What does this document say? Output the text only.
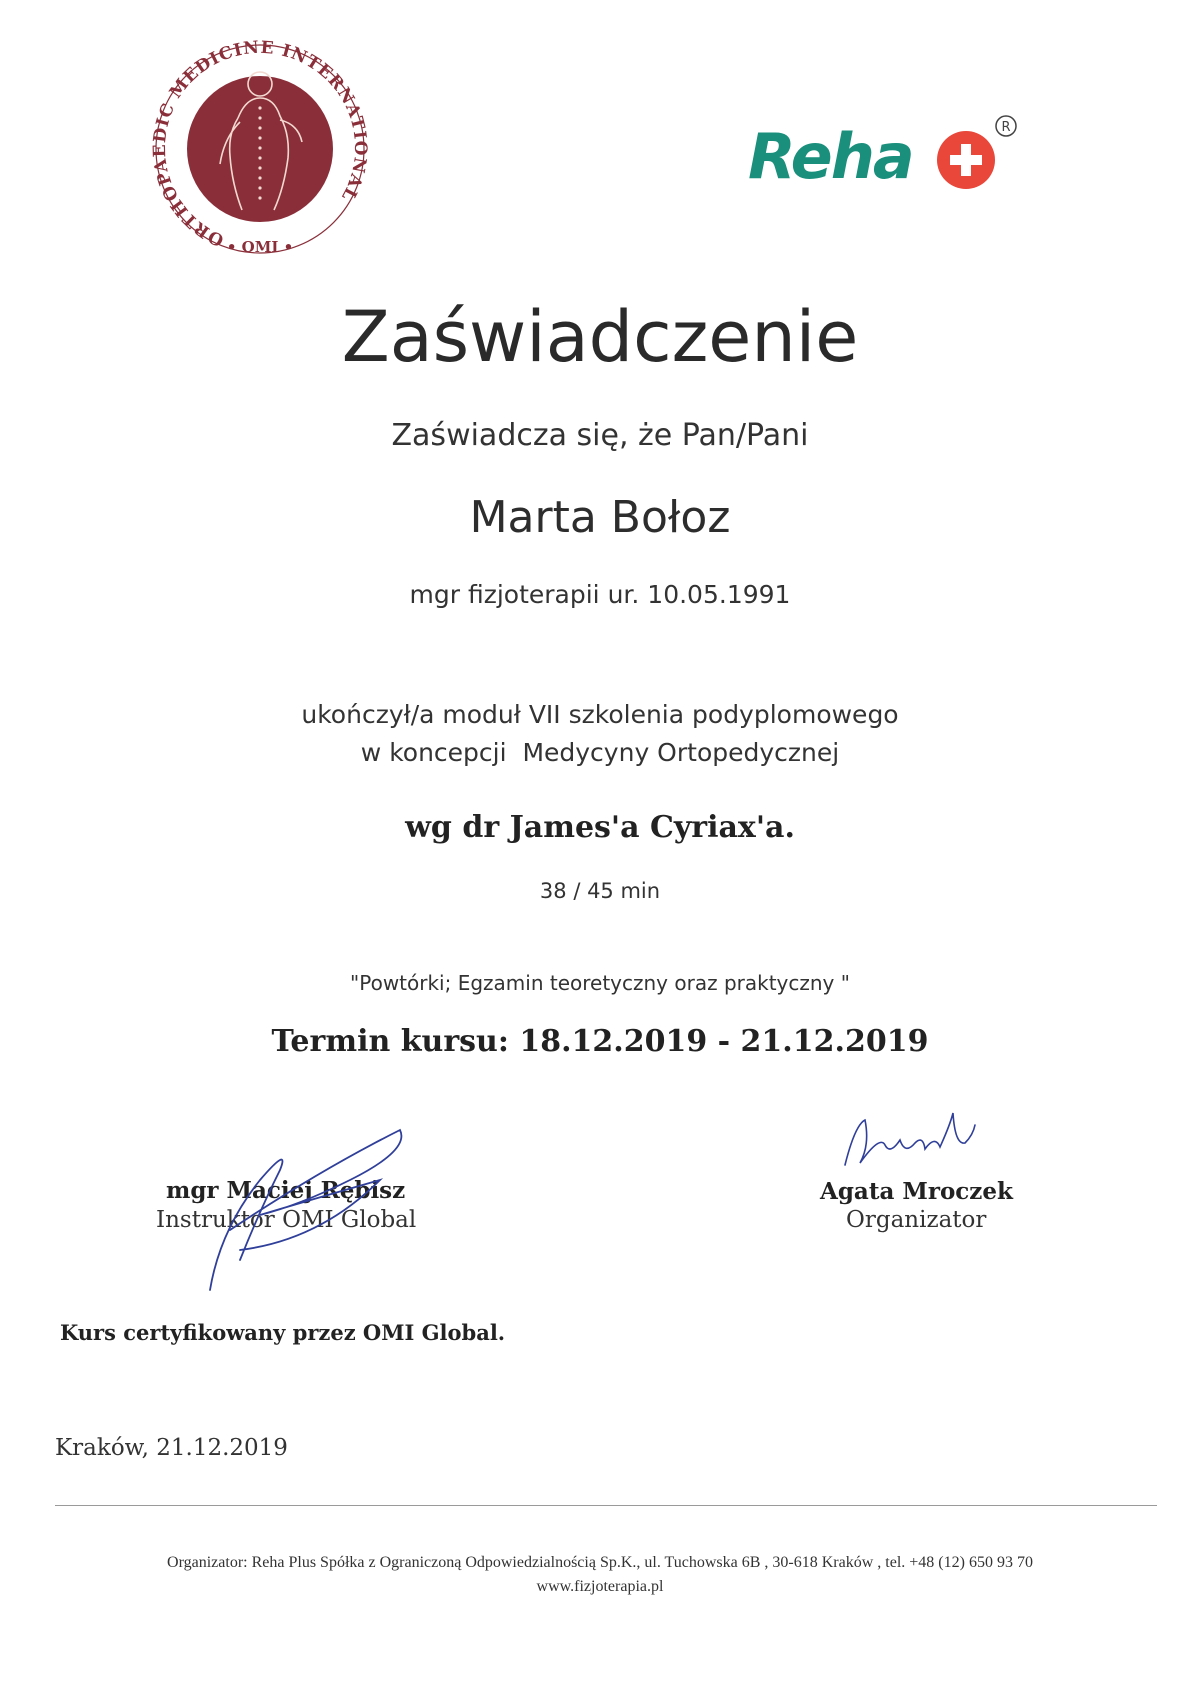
ORTHOPAEDIC MEDICINE INTERNATIONAL
• OMI •
Reha	R
Zaświadczenie
Zaświadcza się, że Pan/Pani
Marta Bołoz
mgr fizjoterapii ur. 10.05.1991
ukończył/a moduł VII szkolenia podyplomowego
w koncepcji  Medycyny Ortopedycznej
wg dr James'a Cyriax'a.
38 / 45 min
"Powtórki; Egzamin teoretyczny oraz praktyczny "
Termin kursu: 18.12.2019 - 21.12.2019
mgr Maciej Rębisz
Instruktor OMI Global
Agata Mroczek
Organizator
Kurs certyfikowany przez OMI Global.
Kraków, 21.12.2019
Organizator: Reha Plus Spółka z Ograniczoną Odpowiedzialnością Sp.K., ul. Tuchowska 6B , 30-618 Kraków , tel. +48 (12) 650 93 70
www.fizjoterapia.pl
